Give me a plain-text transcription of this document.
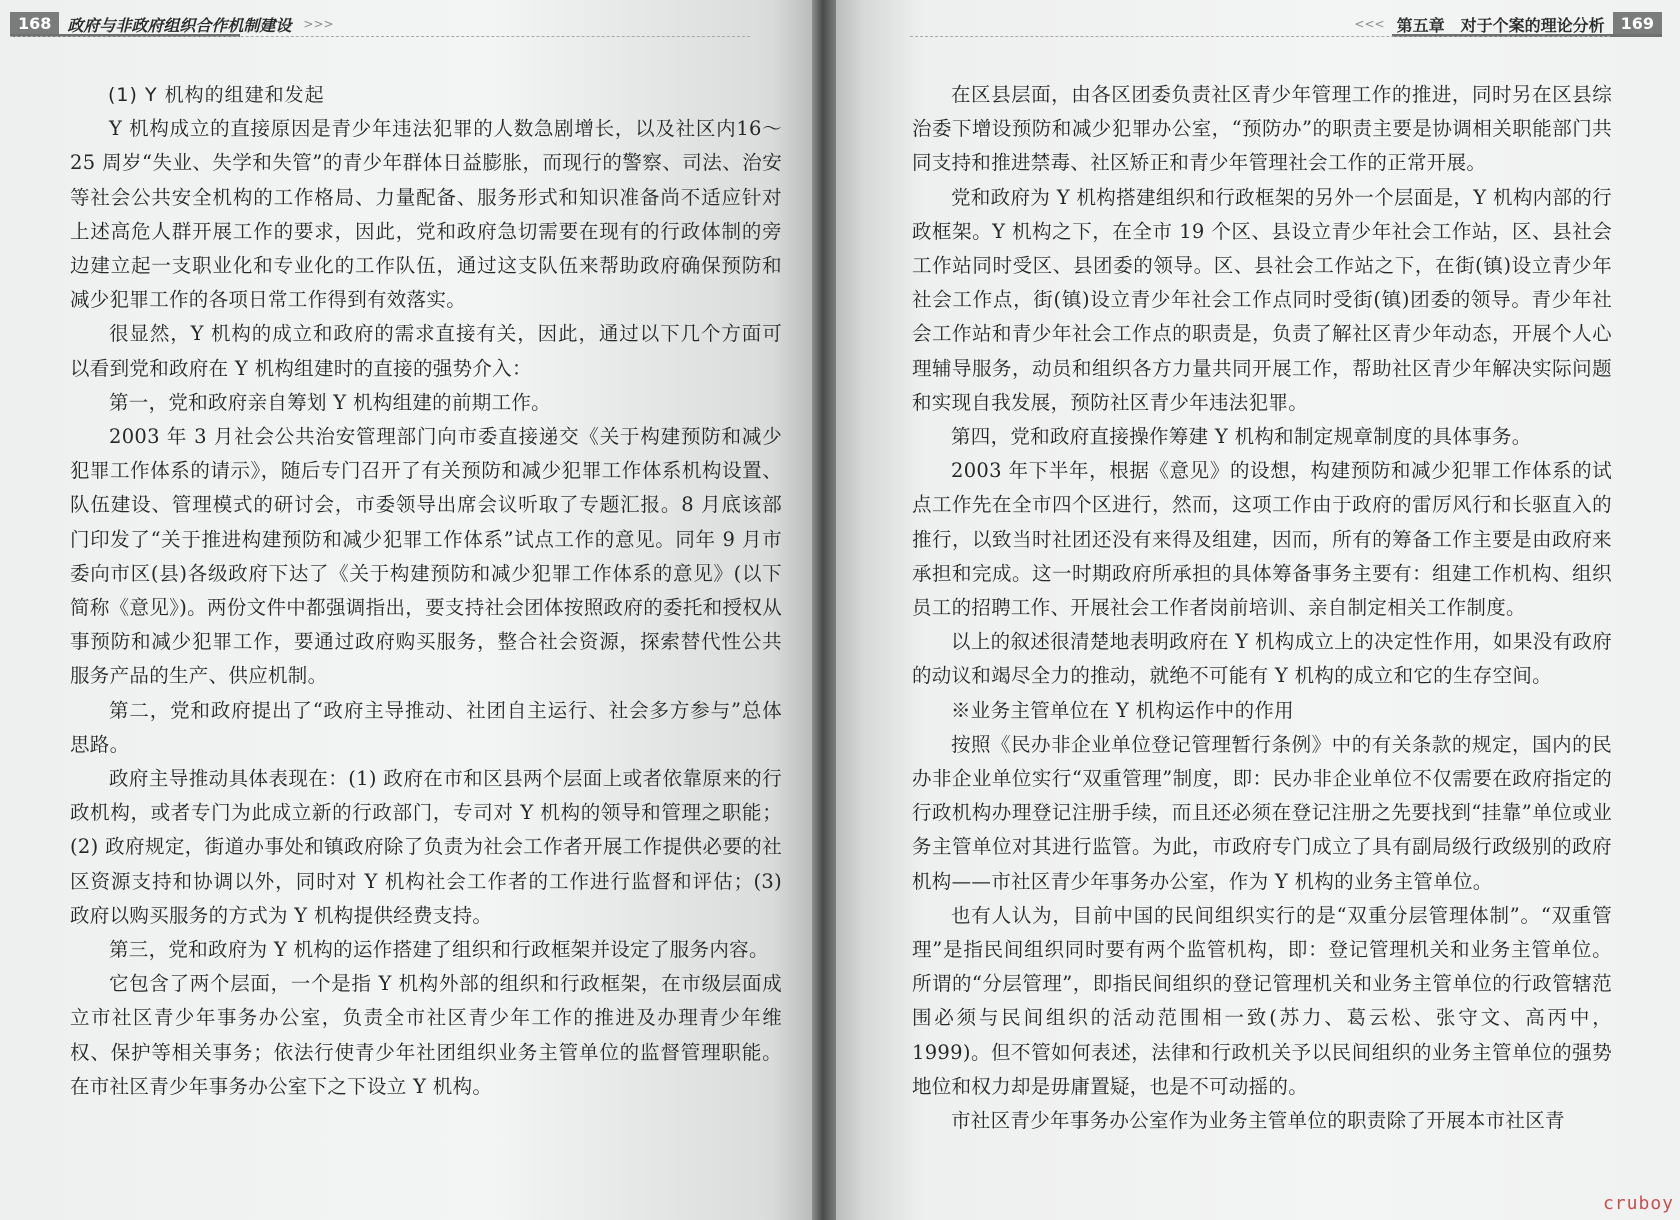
168	政府与非政府组织合作机制建设	>>>

(1) Y 机构的组建和发起

Y 机构成立的直接原因是青少年违法犯罪的人数急剧增长，以及社区内16～25 周岁“失业、失学和失管”的青少年群体日益膨胀，而现行的警察、司法、治安等社会公共安全机构的工作格局、力量配备、服务形式和知识准备尚不适应针对上述高危人群开展工作的要求，因此，党和政府急切需要在现有的行政体制的旁边建立起一支职业化和专业化的工作队伍，通过这支队伍来帮助政府确保预防和减少犯罪工作的各项日常工作得到有效落实。

很显然，Y 机构的成立和政府的需求直接有关，因此，通过以下几个方面可以看到党和政府在 Y 机构组建时的直接的强势介入：

第一，党和政府亲自筹划 Y 机构组建的前期工作。

2003 年 3 月社会公共治安管理部门向市委直接递交《关于构建预防和减少犯罪工作体系的请示》，随后专门召开了有关预防和减少犯罪工作体系机构设置、队伍建设、管理模式的研讨会，市委领导出席会议听取了专题汇报。8 月底该部门印发了“关于推进构建预防和减少犯罪工作体系”试点工作的意见。同年 9 月市委向市区(县)各级政府下达了《关于构建预防和减少犯罪工作体系的意见》(以下简称《意见》)。两份文件中都强调指出，要支持社会团体按照政府的委托和授权从事预防和减少犯罪工作，要通过政府购买服务，整合社会资源，探索替代性公共服务产品的生产、供应机制。

第二，党和政府提出了“政府主导推动、社团自主运行、社会多方参与”总体思路。

政府主导推动具体表现在：(1) 政府在市和区县两个层面上或者依靠原来的行政机构，或者专门为此成立新的行政部门，专司对 Y 机构的领导和管理之职能；(2) 政府规定，街道办事处和镇政府除了负责为社会工作者开展工作提供必要的社区资源支持和协调以外，同时对 Y 机构社会工作者的工作进行监督和评估；(3) 政府以购买服务的方式为 Y 机构提供经费支持。

第三，党和政府为 Y 机构的运作搭建了组织和行政框架并设定了服务内容。

它包含了两个层面，一个是指 Y 机构外部的组织和行政框架，在市级层面成立市社区青少年事务办公室，负责全市社区青少年工作的推进及办理青少年维权、保护等相关事务；依法行使青少年社团组织业务主管单位的监督管理职能。在市社区青少年事务办公室下之下设立 Y 机构。

<<< 第五章　对于个案的理论分析	169

在区县层面，由各区团委负责社区青少年管理工作的推进，同时另在区县综治委下增设预防和减少犯罪办公室，“预防办”的职责主要是协调相关职能部门共同支持和推进禁毒、社区矫正和青少年管理社会工作的正常开展。

党和政府为 Y 机构搭建组织和行政框架的另外一个层面是，Y 机构内部的行政框架。Y 机构之下，在全市 19 个区、县设立青少年社会工作站，区、县社会工作站同时受区、县团委的领导。区、县社会工作站之下，在街(镇)设立青少年社会工作点，街(镇)设立青少年社会工作点同时受街(镇)团委的领导。青少年社会工作站和青少年社会工作点的职责是，负责了解社区青少年动态，开展个人心理辅导服务，动员和组织各方力量共同开展工作，帮助社区青少年解决实际问题和实现自我发展，预防社区青少年违法犯罪。

第四，党和政府直接操作筹建 Y 机构和制定规章制度的具体事务。

2003 年下半年，根据《意见》的设想，构建预防和减少犯罪工作体系的试点工作先在全市四个区进行，然而，这项工作由于政府的雷厉风行和长驱直入的推行，以致当时社团还没有来得及组建，因而，所有的筹备工作主要是由政府来承担和完成。这一时期政府所承担的具体筹备事务主要有：组建工作机构、组织员工的招聘工作、开展社会工作者岗前培训、亲自制定相关工作制度。

以上的叙述很清楚地表明政府在 Y 机构成立上的决定性作用，如果没有政府的动议和竭尽全力的推动，就绝不可能有 Y 机构的成立和它的生存空间。

※业务主管单位在 Y 机构运作中的作用

按照《民办非企业单位登记管理暂行条例》中的有关条款的规定，国内的民办非企业单位实行“双重管理”制度，即：民办非企业单位不仅需要在政府指定的行政机构办理登记注册手续，而且还必须在登记注册之先要找到“挂靠”单位或业务主管单位对其进行监管。为此，市政府专门成立了具有副局级行政级别的政府机构——市社区青少年事务办公室，作为 Y 机构的业务主管单位。

也有人认为，目前中国的民间组织实行的是“双重分层管理体制”。“双重管理”是指民间组织同时要有两个监管机构，即：登记管理机关和业务主管单位。所谓的“分层管理”，即指民间组织的登记管理机关和业务主管单位的行政管辖范围必须与民间组织的活动范围相一致(苏力、葛云松、张守文、高丙中，1999)。但不管如何表述，法律和行政机关予以民间组织的业务主管单位的强势地位和权力却是毋庸置疑，也是不可动摇的。

市社区青少年事务办公室作为业务主管单位的职责除了开展本市社区青

cruboy
